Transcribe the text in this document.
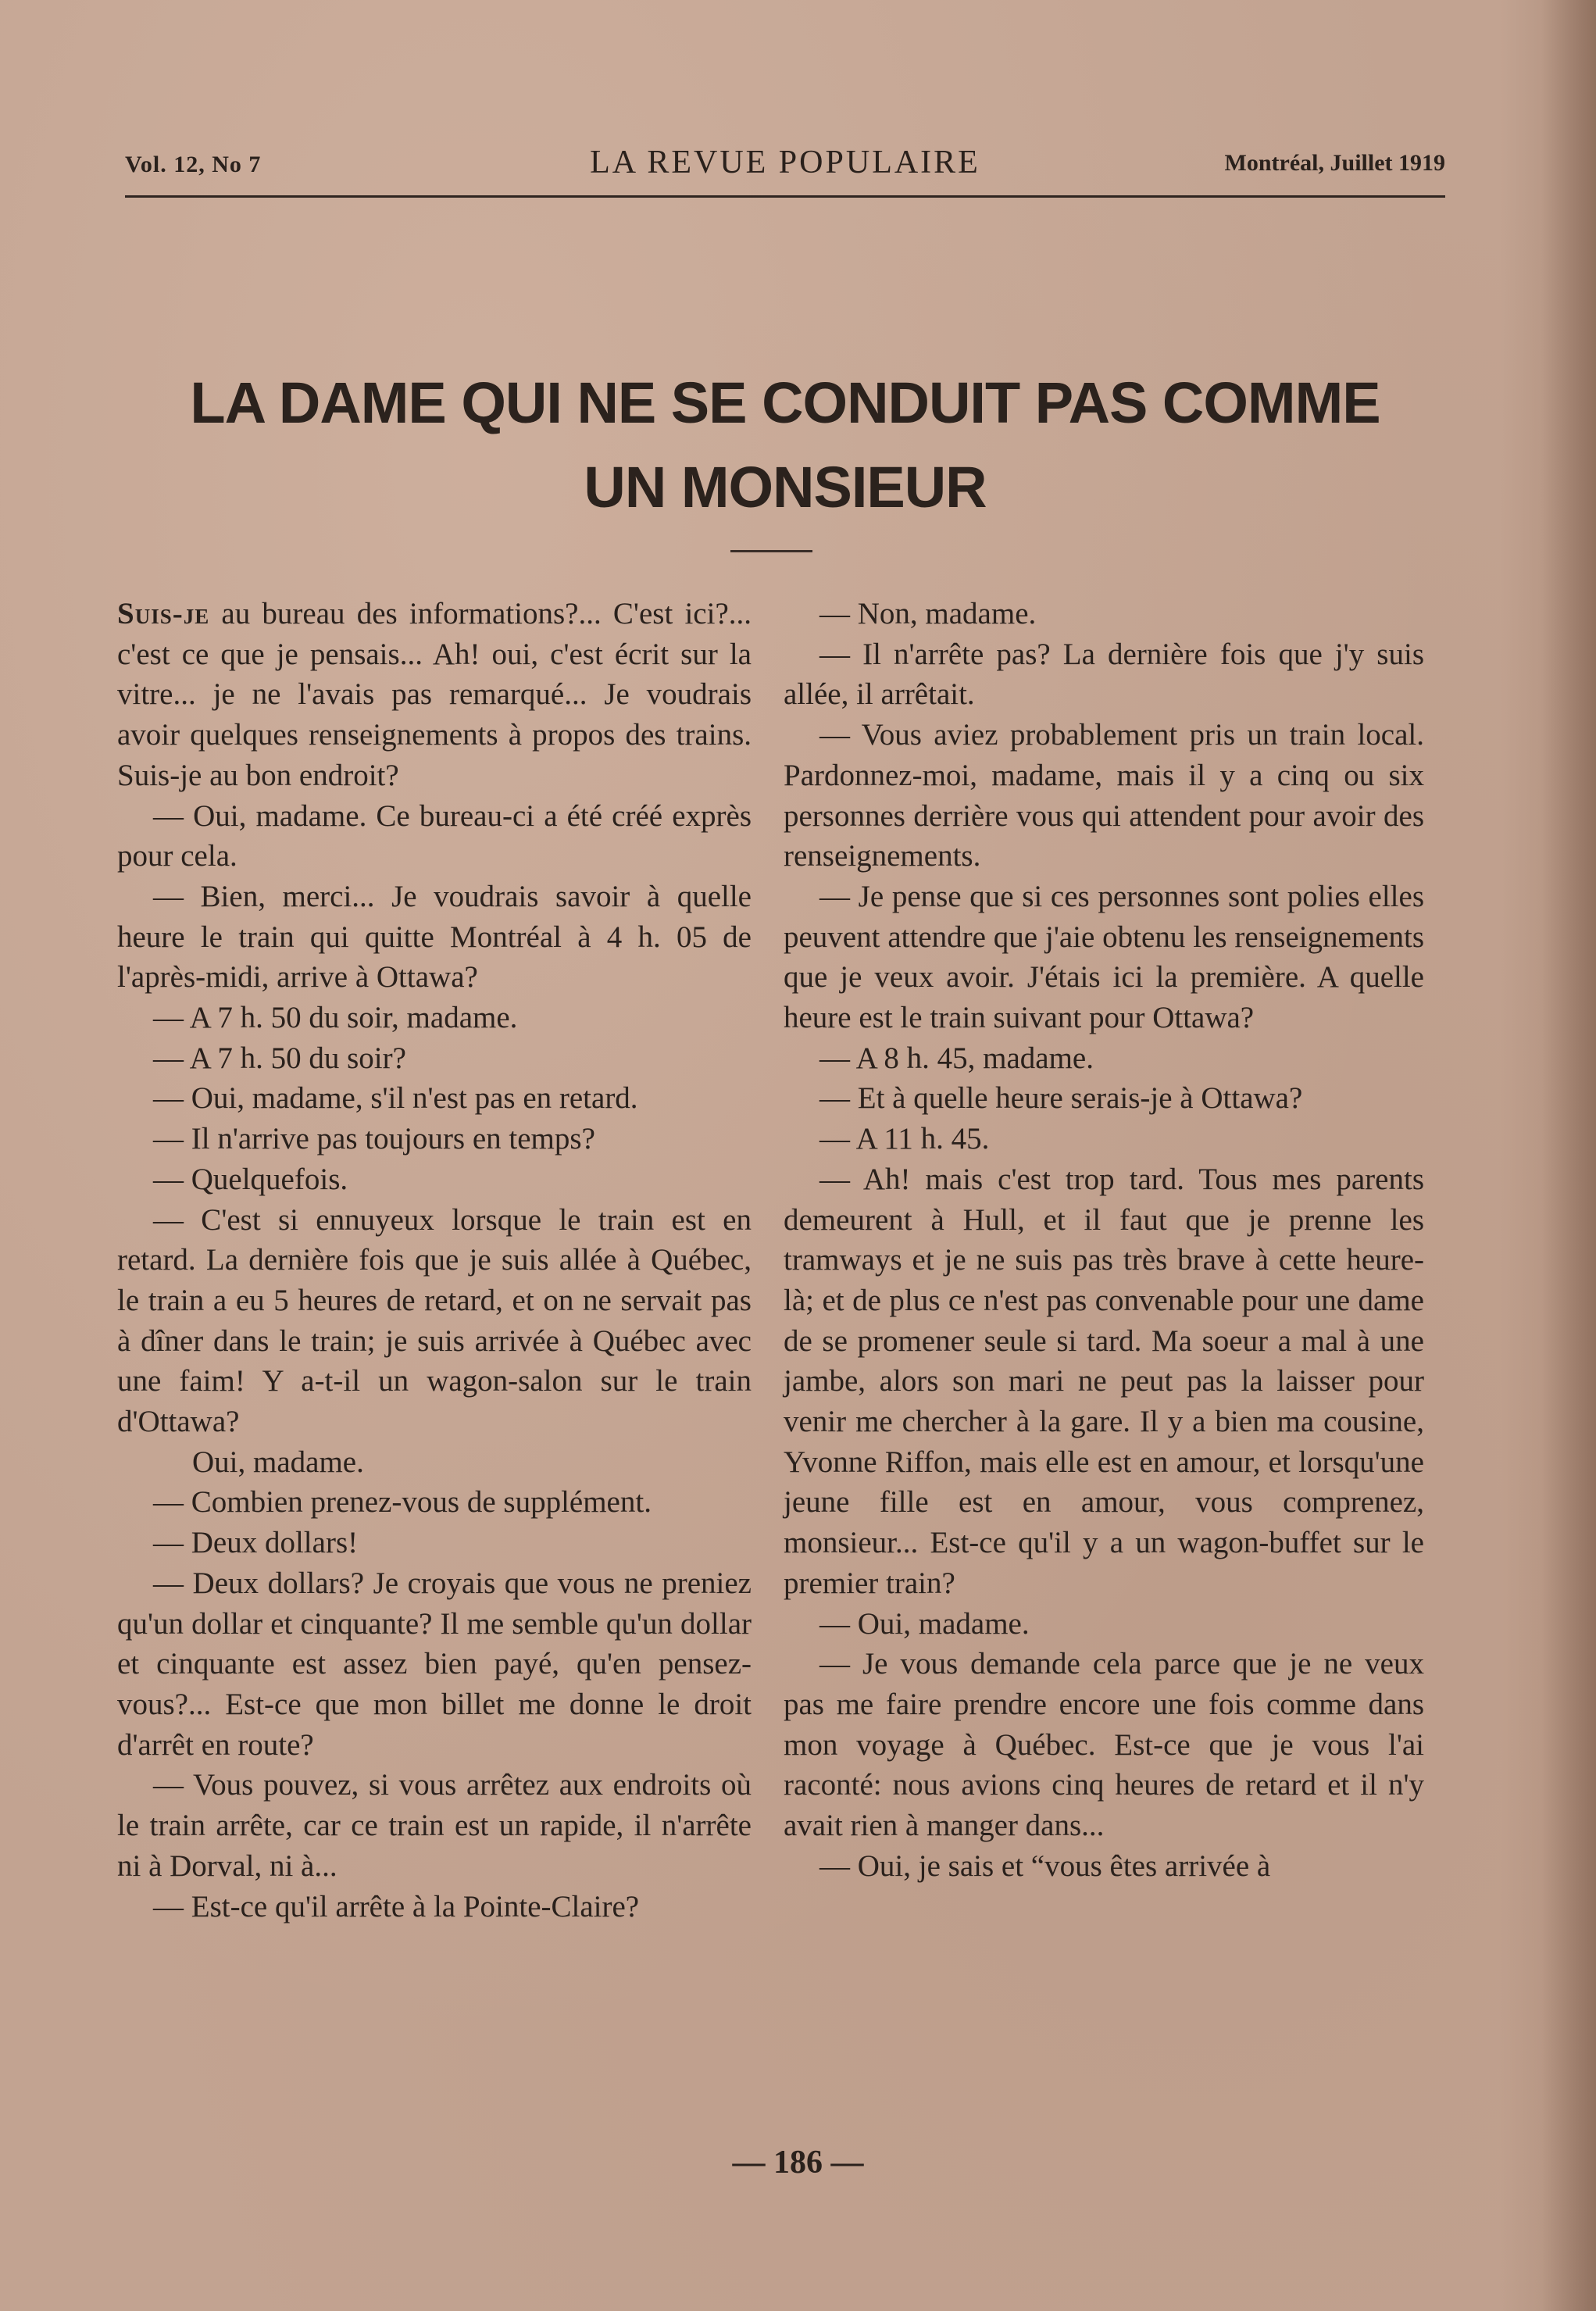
Vol. 12, No 7	LA REVUE POPULAIRE	Montréal, Juillet 1919
LA DAME QUI NE SE CONDUIT PAS COMME
UN MONSIEUR

Suis-je au bureau des informations?... C'est ici?... c'est ce que je pensais... Ah! oui, c'est écrit sur la vitre... je ne l'avais pas remarqué... Je voudrais avoir quelques renseignements à propos des trains. Suis-je au bon endroit?

— Oui, madame. Ce bureau-ci a été créé exprès pour cela.

— Bien, merci... Je voudrais savoir à quelle heure le train qui quitte Montréal à 4 h. 05 de l'après-midi, arrive à Ottawa?

— A 7 h. 50 du soir, madame.

— A 7 h. 50 du soir?

— Oui, madame, s'il n'est pas en retard.

— Il n'arrive pas toujours en temps?

— Quelquefois.

— C'est si ennuyeux lorsque le train est en retard. La dernière fois que je suis allée à Québec, le train a eu 5 heures de retard, et on ne servait pas à dîner dans le train; je suis arrivée à Québec avec une faim! Y a-t-il un wagon-salon sur le train d'Ottawa?

Oui, madame.

— Combien prenez-vous de supplément.

— Deux dollars!

— Deux dollars? Je croyais que vous ne preniez qu'un dollar et cinquante? Il me semble qu'un dollar et cinquante est assez bien payé, qu'en pensez-vous?... Est-ce que mon billet me donne le droit d'arrêt en route?

— Vous pouvez, si vous arrêtez aux endroits où le train arrête, car ce train est un rapide, il n'arrête ni à Dorval, ni à...

— Est-ce qu'il arrête à la Pointe-Claire?

— Non, madame.

— Il n'arrête pas? La dernière fois que j'y suis allée, il arrêtait.

— Vous aviez probablement pris un train local. Pardonnez-moi, madame, mais il y a cinq ou six personnes derrière vous qui attendent pour avoir des renseignements.

— Je pense que si ces personnes sont polies elles peuvent attendre que j'aie obtenu les renseignements que je veux avoir. J'étais ici la première. A quelle heure est le train suivant pour Ottawa?

— A 8 h. 45, madame.

— Et à quelle heure serais-je à Ottawa?

— A 11 h. 45.

— Ah! mais c'est trop tard. Tous mes parents demeurent à Hull, et il faut que je prenne les tramways et je ne suis pas très brave à cette heure-là; et de plus ce n'est pas convenable pour une dame de se promener seule si tard. Ma soeur a mal à une jambe, alors son mari ne peut pas la laisser pour venir me chercher à la gare. Il y a bien ma cousine, Yvonne Riffon, mais elle est en amour, et lorsqu'une jeune fille est en amour, vous comprenez, monsieur... Est-ce qu'il y a un wagon-buffet sur le premier train?

— Oui, madame.

— Je vous demande cela parce que je ne veux pas me faire prendre encore une fois comme dans mon voyage à Québec. Est-ce que je vous l'ai raconté: nous avions cinq heures de retard et il n'y avait rien à manger dans...

— Oui, je sais et “vous êtes arrivée à

— 186 —
